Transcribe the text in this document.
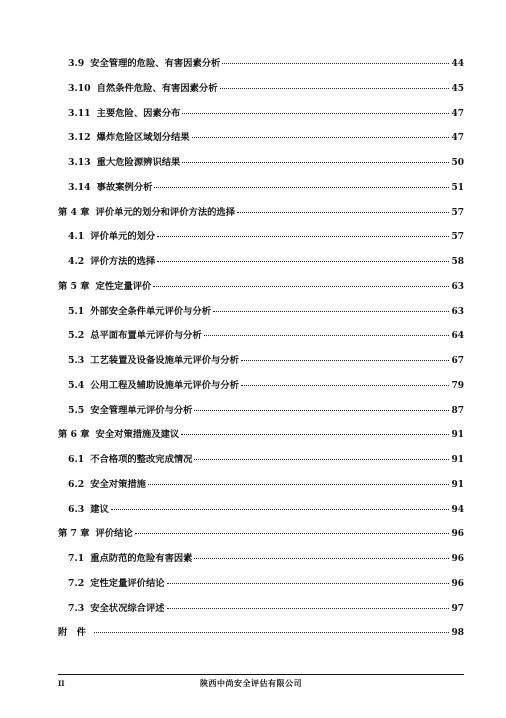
3.9 安全管理的危险、有害因素分析	44
3.10 自然条件危险、有害因素分析	45
3.11 主要危险、因素分布	47
3.12 爆炸危险区域划分结果	47
3.13 重大危险源辨识结果	50
3.14 事故案例分析	51
第 4 章 评价单元的划分和评价方法的选择	57
4.1 评价单元的划分	57
4.2 评价方法的选择	58
第 5 章 定性定量评价	63
5.1 外部安全条件单元评价与分析	63
5.2 总平面布置单元评价与分析	64
5.3 工艺装置及设备设施单元评价与分析	67
5.4 公用工程及辅助设施单元评价与分析	79
5.5 安全管理单元评价与分析	87
第 6 章 安全对策措施及建议	91
6.1 不合格项的整改完成情况	91
6.2 安全对策措施	91
6.3 建议	94
第 7 章 评价结论	96
7.1 重点防范的危险有害因素	96
7.2 定性定量评价结论	96
7.3 安全状况综合评述	97
附　件	98
II	陕西中尚安全评估有限公司
